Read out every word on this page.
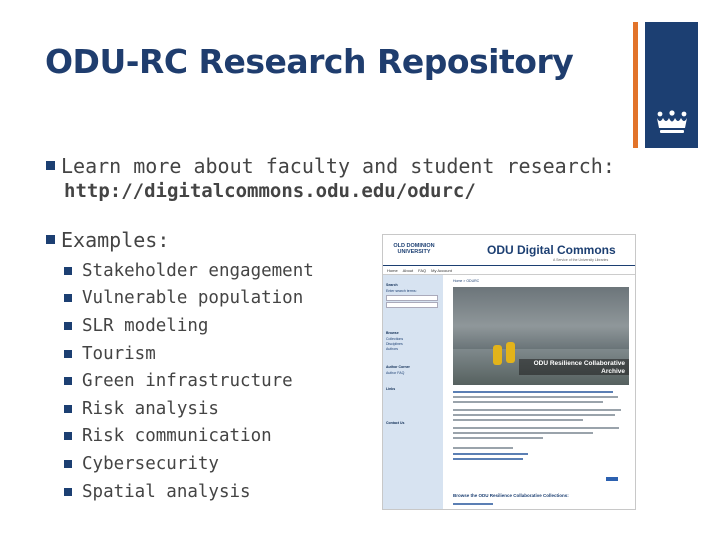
ODU-RC Research Repository
Learn more about faculty and student research:
http://digitalcommons.odu.edu/odurc/
Examples:
Stakeholder engagement
Vulnerable population
SLR modeling
Tourism
Green infrastructure
Risk analysis
Risk communication
Cybersecurity
Spatial analysis
OLD DOMINION UNIVERSITY	ODU Digital Commons
A Service of the University Libraries
Home About FAQ My Account
Search
Enter search terms:
Browse
Collections
Disciplines
Authors
Author Corner
Author FAQ
Links
Contact Us
Home > ODURC
ODU Resilience Collaborative Archive
Browse the ODU Resilience Collaborative Collections:
